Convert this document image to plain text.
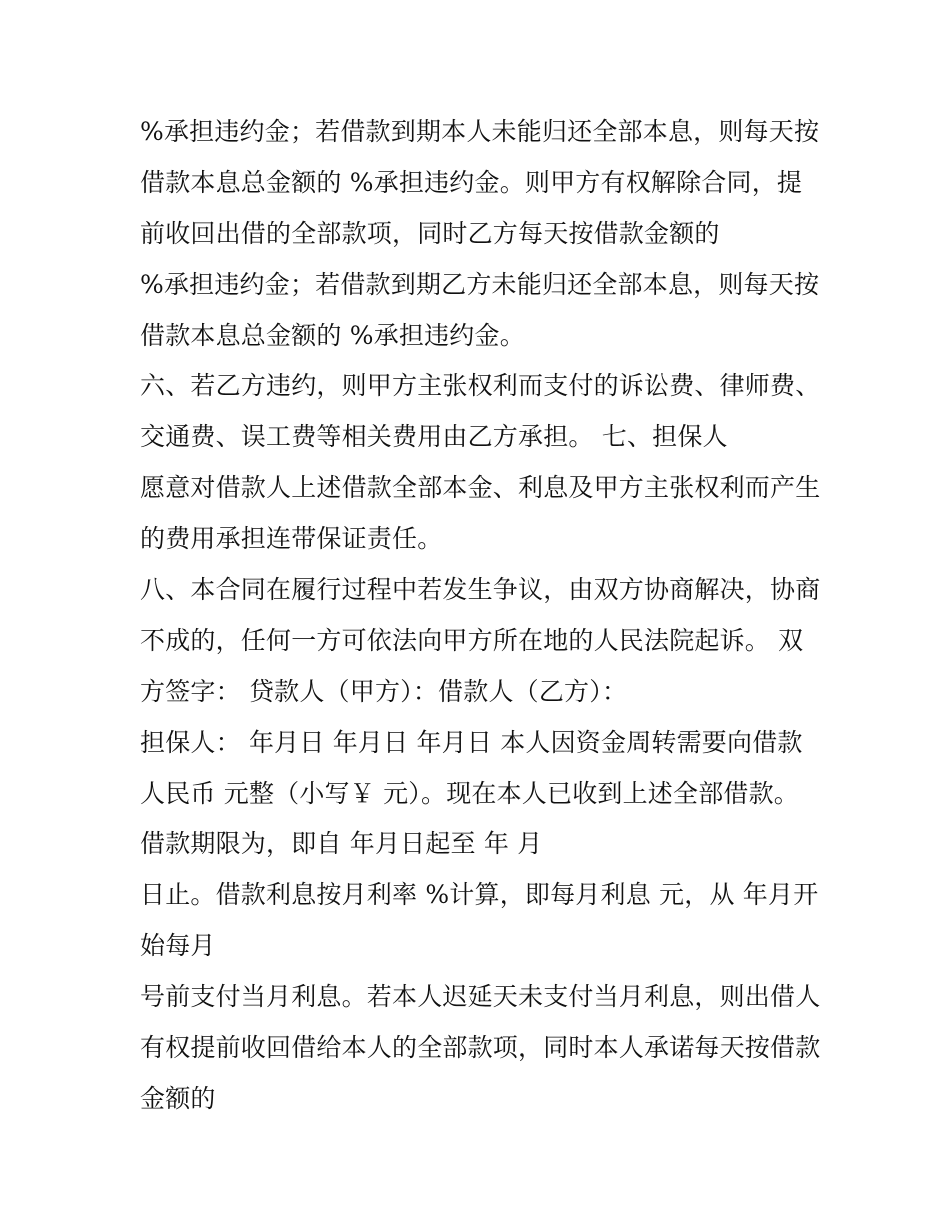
%承担违约金；若借款到期本人未能归还全部本息，则每天按
借款本息总金额的 %承担违约金。则甲方有权解除合同，提
前收回出借的全部款项，同时乙方每天按借款金额的
%承担违约金；若借款到期乙方未能归还全部本息，则每天按
借款本息总金额的 %承担违约金。
六、若乙方违约，则甲方主张权利而支付的诉讼费、律师费、
交通费、误工费等相关费用由乙方承担。 七、担保人
愿意对借款人上述借款全部本金、利息及甲方主张权利而产生
的费用承担连带保证责任。
八、本合同在履行过程中若发生争议，由双方协商解决，协商
不成的，任何一方可依法向甲方所在地的人民法院起诉。 双
方签字： 贷款人（甲方）：借款人（乙方）：
担保人： 年月日 年月日 年月日 本人因资金周转需要向借款
人民币 元整（小写￥ 元）。现在本人已收到上述全部借款。
借款期限为，即自 年月日起至 年 月
日止。借款利息按月利率 %计算，即每月利息 元，从 年月开
始每月
号前支付当月利息。若本人迟延天未支付当月利息，则出借人
有权提前收回借给本人的全部款项，同时本人承诺每天按借款
金额的
